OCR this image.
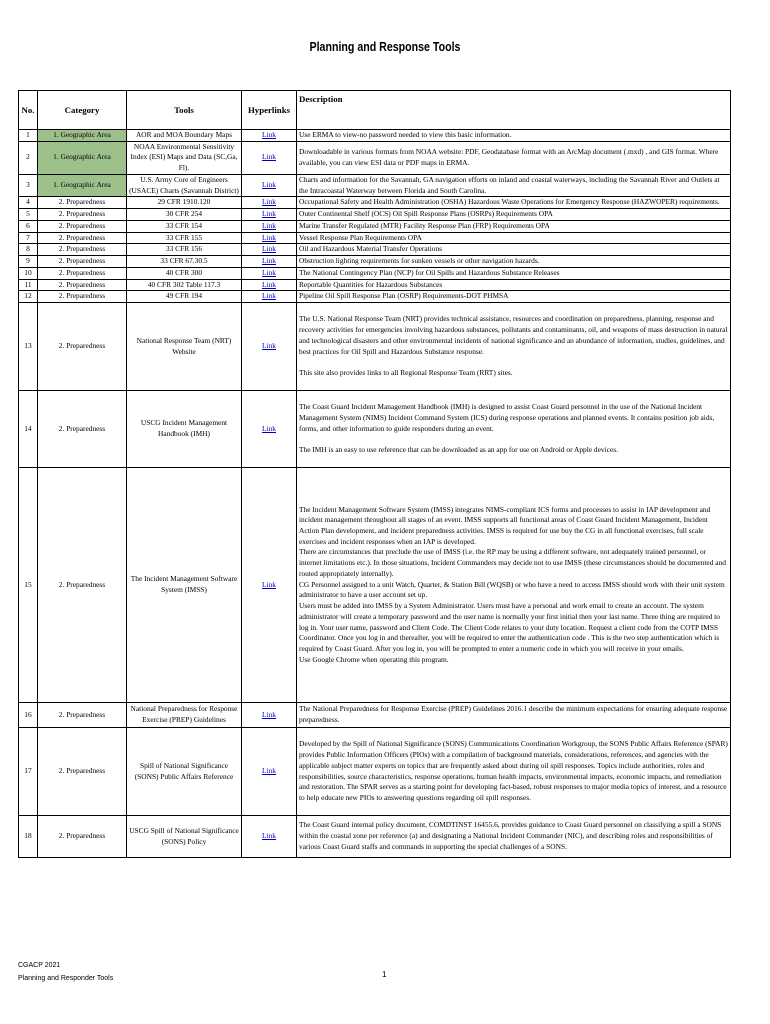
Planning and Response Tools
No.	Category	Tools	Hyperlinks	Description
1	1. Geographic Area	AOR and MOA Boundary Maps	Link	Use ERMA to view-no password needed to view this basic information.

2	1. Geographic Area	NOAA Environmental Sensitivity Index (ESI) Maps and Data (SC,Ga, Fl).	Link	Downloadable in various formats from NOAA website: PDF, Geodatabase format with an ArcMap document (.mxd) , and GIS format. Where available, you can view ESI data or PDF maps in ERMA.

3	1. Geographic Area	U.S. Army Core of Engineers (USACE) Charts (Savannah District)	Link	Charts and information for the Savannah, GA navigation efforts on inland and coastal waterways, including the Savannah River and Outlets at the Intracoastal Waterway between Florida and South Carolina.

4	2. Preparedness	29 CFR 1910.120	Link	Occupational Safety and Health Administration (OSHA) Hazardous Waste Operations for Emergency Response (HAZWOPER) requirements.

5	2. Preparedness	30 CFR 254	Link	Outer Continental Shelf (OCS) Oil Spill Response Plans (OSRPs) Requirements OPA

6	2. Preparedness	33 CFR 154	Link	Marine Transfer Regulated (MTR) Facility Response Plan (FRP) Requirements OPA

7	2. Preparedness	33 CFR 155	Link	Vessel Response Plan Requirements OPA

8	2. Preparedness	33 CFR 156	Link	Oil and Hazardous Material Transfer Operations

9	2. Preparedness	33 CFR 67.30.5	Link	Obstruction lighting requirements for sunken vessels or other navigation hazards.

10	2. Preparedness	40 CFR 300	Link	The National Contingency Plan (NCP) for Oil Spills and Hazardous Substance Releases

11	2. Preparedness	40 CFR 302 Table 117.3	Link	Reportable Quantities for Hazardous Substances

12	2. Preparedness	49 CFR 194	Link	Pipeline Oil Spill Response Plan (OSRP) Requirements-DOT PHMSA

13	2. Preparedness	National Response Team (NRT) Website	Link	The U.S. National Response Team (NRT) provides technical assistance, resources and coordination on preparedness, planning, response and recovery activities for emergencies involving hazardous substances, pollutants and contaminants, oil, and weapons of mass destruction in natural and technological disasters and other environmental incidents of national significance and an abundance of information, studies, guidelines, and best practices for Oil Spill and Hazardous Substance response.

This site also provides links to all Regional Response Team (RRT) sites.

14	2. Preparedness	USCG Incident Management Handbook (IMH)	Link	The Coast Guard Incident Management Handbook (IMH) is designed to assist Coast Guard personnel in the use of the National Incident Management System (NIMS) Incident Command System (ICS) during response operations and planned events. It contains position job aids, forms, and other information to guide responders during an event.

The IMH is an easy to use reference that can be downloaded as an app for use on Android or Apple devices.

15	2. Preparedness	The Incident Management Software System (IMSS)	Link	The Incident Management Software System (IMSS) integrates NIMS-compliant ICS forms and processes to assist in IAP development and incident management throughout all stages of an event. IMSS supports all functional areas of Coast Guard Incident Management, Incident Action Plan development, and incident preparedness activities. IMSS is required for use buy the CG in all functional exercises, full scale exercises and incident responses when an IAP is developed.
There are circumstances that preclude the use of IMSS (i.e. the RP may be using a different software, not adequately trained personnel, or internet limitations etc.). In those situations, Incident Commanders may decide not to use IMSS (these circumstances should be documented and routed appropriately internally).
CG Personnel assigned to a unit Watch, Quarter, & Station Bill (WQSB) or who have a need to access IMSS should work with their unit system administrator to have a user account set up.
Users must be added into IMSS by a System Administrator. Users must have a personal and work email to create an account. The system administrator will create a temporary password and the user name is normally your first initial then your last name. Three thing are required to log in. Your user name, password and Client Code. The Client Code relates to your duty location. Request a client code from the COTP IMSS Coordinator. Once you log in and thereafter, you will be required to enter the authentication code . This is the two step authentication which is required by Coast Guard. After you log in, you will be prompted to enter a numeric code in which you will receive in your emails.
Use Google Chrome when operating this program.

16	2. Preparedness	National Preparedness for Response Exercise (PREP) Guidelines	Link	The National Preparedness for Response Exercise (PREP) Guidelines 2016.1 describe the minimum expectations for ensuring adequate response preparedness.

17	2. Preparedness	Spill of National Significance (SONS) Public Affairs Reference	Link	Developed by the Spill of National Significance (SONS) Communications Coordination Workgroup, the SONS Public Affairs Reference (SPAR) provides Public Information Officers (PIOs) with a compilation of background materials, considerations, references, and agencies with the applicable subject matter experts on topics that are frequently asked about during oil spill responses. Topics include authorities, roles and responsibilities, source characteristics, response operations, human health impacts, environmental impacts, economic impacts, and remediation and restoration. The SPAR serves as a starting point for developing fact-based, robust responses to major media topics of interest, and a resource to help educate new PIOs to answering questions regarding oil spill responses.

18	2. Preparedness	USCG Spill of National Significance (SONS) Policy	Link	The Coast Guard internal policy document, COMDTINST 16455.6, provides guidance to Coast Guard personnel on classifying a spill a SONS within the coastal zone per reference (a) and designating a National Incident Commander (NIC), and describing roles and responsibilities of various Coast Guard staffs and commands in supporting the special challenges of a SONS.
CGACP 2021
Planning and Responder Tools	1
